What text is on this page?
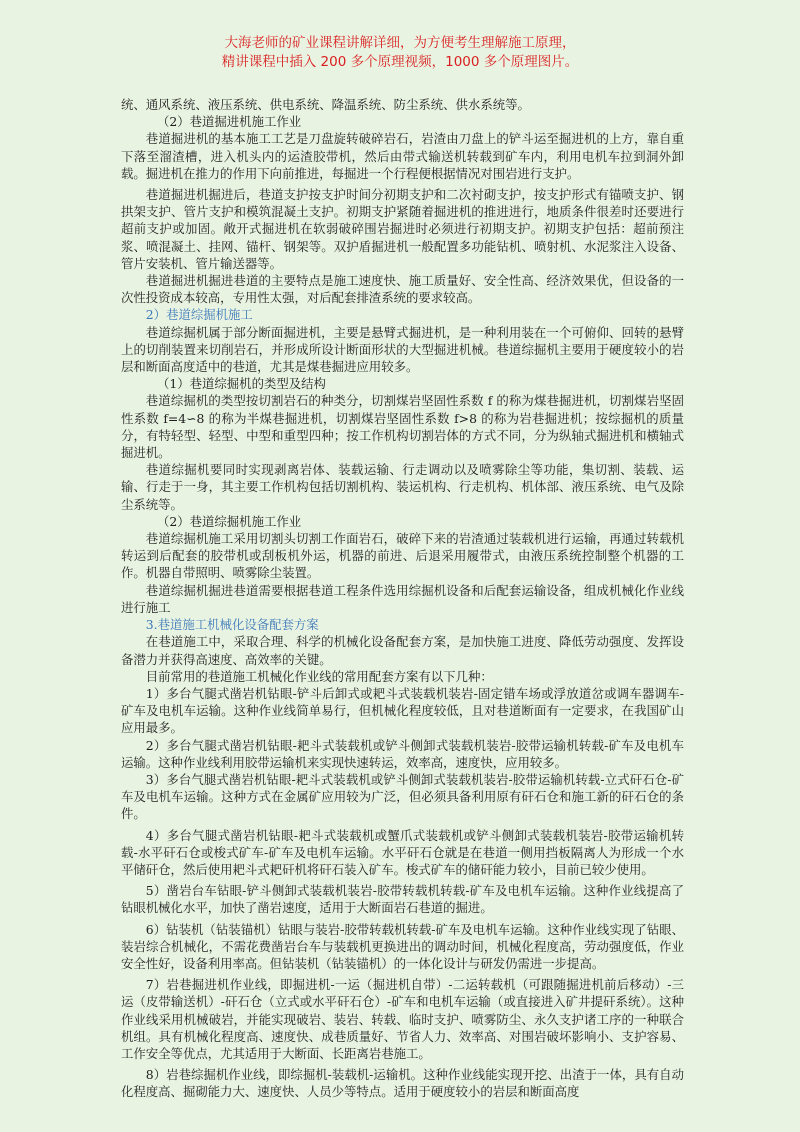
大海老师的矿业课程讲解详细，为方便考生理解施工原理，
精讲课程中插入 200 多个原理视频，1000 多个原理图片。

统、通风系统、液压系统、供电系统、降温系统、防尘系统、供水系统等。

（2）巷道掘进机施工作业

巷道掘进机的基本施工工艺是刀盘旋转破碎岩石，岩渣由刀盘上的铲斗运至掘进机的上方，靠自重下落至溜渣槽，进入机头内的运渣胶带机，然后由带式输送机转载到矿车内，利用电机车拉到洞外卸载。掘进机在推力的作用下向前推进，每掘进一个行程便根据情况对围岩进行支护。

巷道掘进机掘进后，巷道支护按支护时间分初期支护和二次衬砌支护，按支护形式有锚喷支护、钢拱架支护、管片支护和模筑混凝土支护。初期支护紧随着掘进机的推进进行，地质条件很差时还要进行超前支护或加固。敞开式掘进机在软弱破碎围岩掘进时必须进行初期支护。初期支护包括：超前预注浆、喷混凝土、挂网、锚杆、钢架等。双护盾掘进机一般配置多功能钻机、喷射机、水泥浆注入设备、管片安装机、管片输送器等。

巷道掘进机掘进巷道的主要特点是施工速度快、施工质量好、安全性高、经济效果优，但设备的一次性投资成本较高，专用性太强，对后配套排渣系统的要求较高。

2）巷道综掘机施工

巷道综掘机属于部分断面掘进机，主要是悬臂式掘进机，是一种利用装在一个可俯仰、回转的悬臂上的切削装置来切削岩石，并形成所设计断面形状的大型掘进机械。巷道综掘机主要用于硬度较小的岩层和断面高度适中的巷道，尤其是煤巷掘进应用较多。

（1）巷道综掘机的类型及结构

巷道综掘机的类型按切割岩石的种类分，切割煤岩坚固性系数 f 的称为煤巷掘进机，切割煤岩坚固性系数 f=4∽8 的称为半煤巷掘进机，切割煤岩坚固性系数 f>8 的称为岩巷掘进机；按综掘机的质量分，有特轻型、轻型、中型和重型四种；按工作机构切割岩体的方式不同，分为纵轴式掘进机和横轴式掘进机。

巷道综掘机要同时实现剥离岩体、装载运输、行走调动以及喷雾除尘等功能，集切割、装载、运输、行走于一身，其主要工作机构包括切割机构、装运机构、行走机构、机体部、液压系统、电气及除尘系统等。

（2）巷道综掘机施工作业

巷道综掘机施工采用切割头切割工作面岩石，破碎下来的岩渣通过装载机进行运输，再通过转载机转运到后配套的胶带机或刮板机外运，机器的前进、后退采用履带式，由液压系统控制整个机器的工作。机器自带照明、喷雾除尘装置。

巷道综掘机掘进巷道需要根据巷道工程条件选用综掘机设备和后配套运输设备，组成机械化作业线进行施工

3.巷道施工机械化设备配套方案

在巷道施工中，采取合理、科学的机械化设备配套方案，是加快施工进度、降低劳动强度、发挥设备潜力并获得高速度、高效率的关键。

目前常用的巷道施工机械化作业线的常用配套方案有以下几种：

1）多台气腿式凿岩机钻眼-铲斗后卸式或耙斗式装载机装岩-固定错车场或浮放道岔或调车器调车-矿车及电机车运输。这种作业线简单易行，但机械化程度较低，且对巷道断面有一定要求，在我国矿山应用最多。

2）多台气腿式凿岩机钻眼-耙斗式装载机或铲斗侧卸式装载机装岩-胶带运输机转载-矿车及电机车运输。这种作业线利用胶带运输机来实现快速转运，效率高，速度快，应用较多。

3）多台气腿式凿岩机钻眼-耙斗式装载机或铲斗侧卸式装载机装岩-胶带运输机转载-立式矸石仓-矿车及电机车运输。这种方式在金属矿应用较为广泛，但必须具备利用原有矸石仓和施工新的矸石仓的条件。

4）多台气腿式凿岩机钻眼-耙斗式装载机或蟹爪式装载机或铲斗侧卸式装载机装岩-胶带运输机转载-水平矸石仓或梭式矿车-矿车及电机车运输。水平矸石仓就是在巷道一侧用挡板隔离人为形成一个水平储矸仓，然后使用耙斗式耙矸机将矸石装入矿车。梭式矿车的储矸能力较小，目前已较少使用。

5）凿岩台车钻眼-铲斗侧卸式装载机装岩-胶带转载机转载-矿车及电机车运输。这种作业线提高了钻眼机械化水平，加快了凿岩速度，适用于大断面岩石巷道的掘进。

6）钻装机（钻装锚机）钻眼与装岩-胶带转载机转载-矿车及电机车运输。这种作业线实现了钻眼、装岩综合机械化，不需花费凿岩台车与装载机更换进出的调动时间，机械化程度高，劳动强度低，作业安全性好，设备利用率高。但钻装机（钻装锚机）的一体化设计与研发仍需进一步提高。

7）岩巷掘进机作业线，即掘进机-一运（掘进机自带）-二运转载机（可跟随掘进机前后移动）-三运（皮带输送机）-矸石仓（立式或水平矸石仓）-矿车和电机车运输（或直接进入矿井提矸系统）。这种作业线采用机械破岩，并能实现破岩、装岩、转载、临时支护、喷雾防尘、永久支护诸工序的一种联合机组。具有机械化程度高、速度快、成巷质量好、节省人力、效率高、对围岩破坏影响小、支护容易、工作安全等优点，尤其适用于大断面、长距离岩巷施工。

8）岩巷综掘机作业线，即综掘机-装载机-运输机。这种作业线能实现开挖、出渣于一体，具有自动化程度高、掘砌能力大、速度快、人员少等特点。适用于硬度较小的岩层和断面高度
